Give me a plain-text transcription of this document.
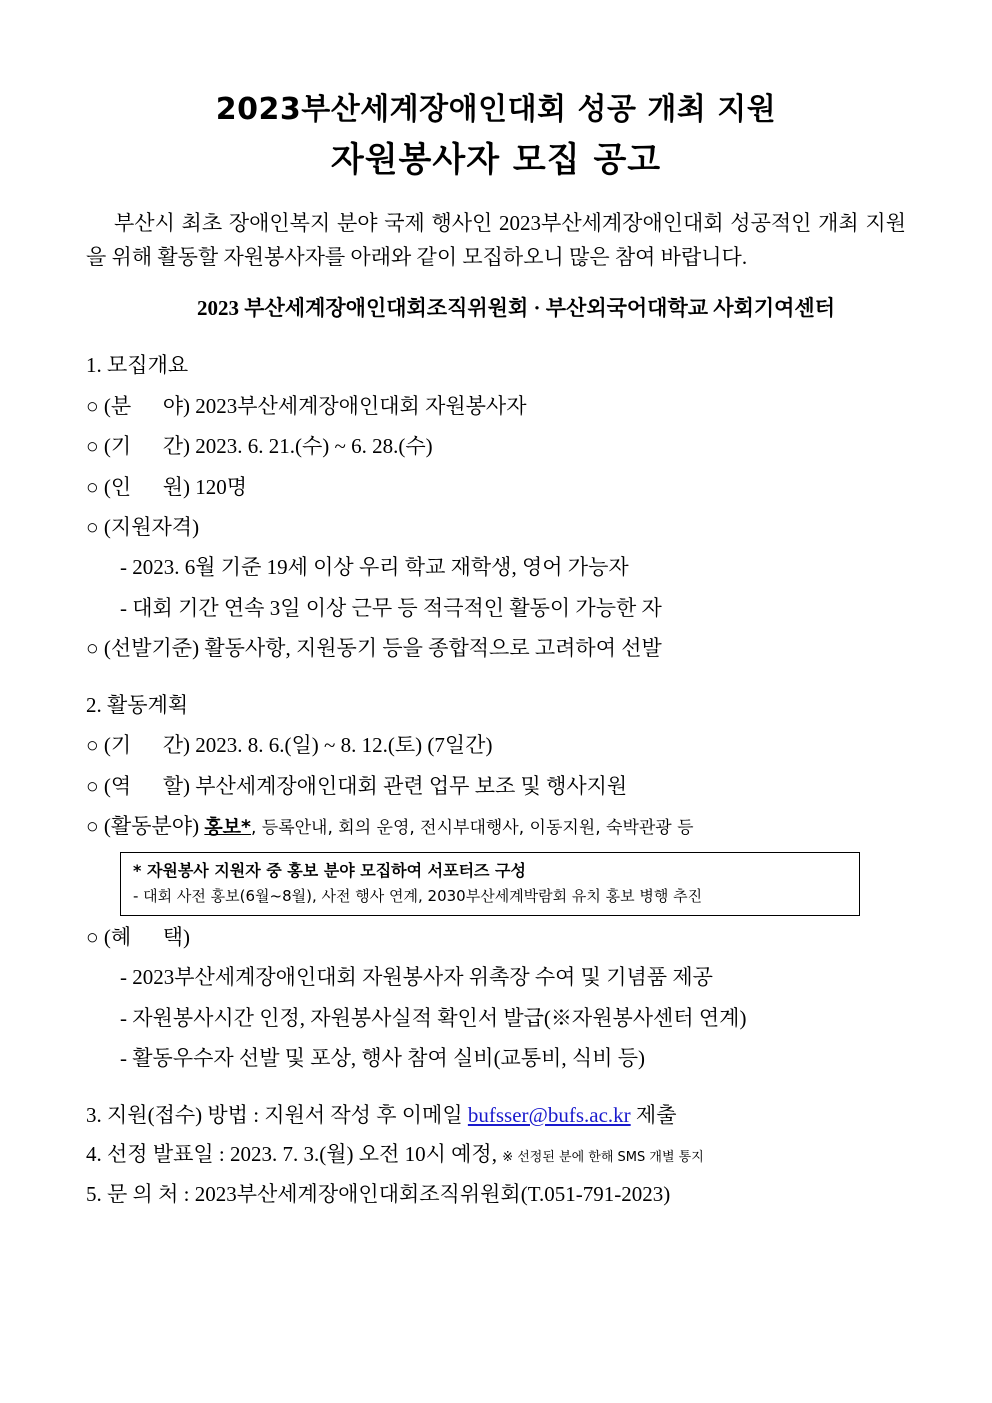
2023부산세계장애인대회 성공 개최 지원
자원봉사자 모집 공고

부산시 최초 장애인복지 분야 국제 행사인 2023부산세계장애인대회 성공적인 개최 지원을 위해 활동할 자원봉사자를 아래와 같이 모집하오니 많은 참여 바랍니다.

2023 부산세계장애인대회조직위원회 · 부산외국어대학교 사회기여센터

1. 모집개요

○ (분      야) 2023부산세계장애인대회 자원봉사자

○ (기      간) 2023. 6. 21.(수) ~ 6. 28.(수)

○ (인      원) 120명

○ (지원자격)

- 2023. 6월 기준 19세 이상 우리 학교 재학생, 영어 가능자

- 대회 기간 연속 3일 이상 근무 등 적극적인 활동이 가능한 자

○ (선발기준) 활동사항, 지원동기 등을 종합적으로 고려하여 선발

2. 활동계획

○ (기      간) 2023. 8. 6.(일) ~ 8. 12.(토) (7일간)

○ (역      할) 부산세계장애인대회 관련 업무 보조 및 행사지원

○ (활동분야) 홍보*, 등록안내, 회의 운영, 전시부대행사, 이동지원, 숙박관광 등

* 자원봉사 지원자 중 홍보 분야 모집하여 서포터즈 구성
- 대회 사전 홍보(6월~8월), 사전 행사 연계, 2030부산세계박람회 유치 홍보 병행 추진

○ (혜      택)

- 2023부산세계장애인대회 자원봉사자 위촉장 수여 및 기념품 제공

- 자원봉사시간 인정, 자원봉사실적 확인서 발급(※자원봉사센터 연계)

- 활동우수자 선발 및 포상, 행사 참여 실비(교통비, 식비 등)

3. 지원(접수) 방법 : 지원서 작성 후 이메일 bufsser@bufs.ac.kr 제출

4. 선정 발표일 : 2023. 7. 3.(월) 오전 10시 예정, ※ 선정된 분에 한해 SMS 개별 통지

5. 문 의 처 : 2023부산세계장애인대회조직위원회(T.051-791-2023)
